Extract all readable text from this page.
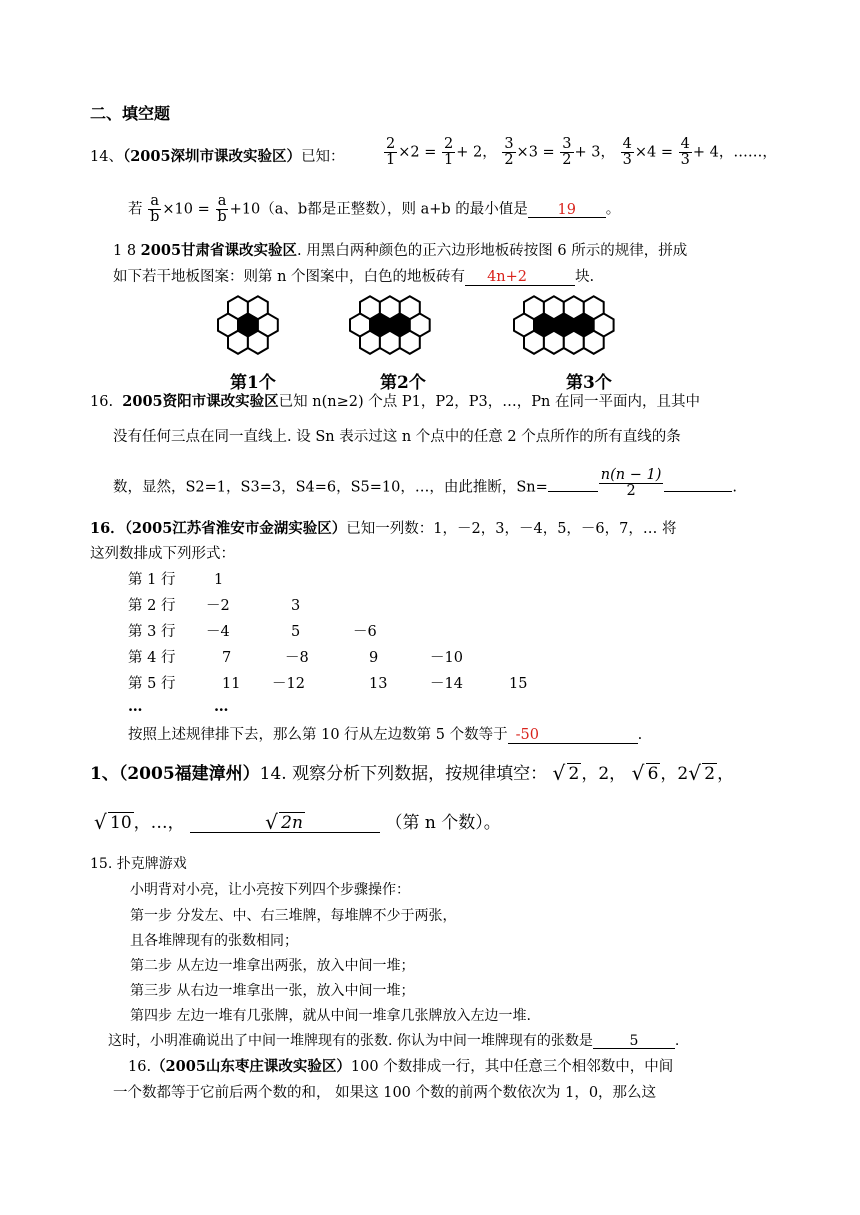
二、填空题
14、（2005深圳市课改实验区）已知：	$\frac{2}{1} \times 2 = \frac{2}{1} + 2$， $\frac{3}{2} \times 3 = \frac{3}{2} + 3$， $\frac{4}{3} \times 4 = \frac{4}{3} + 4$，……，
若 $\frac{a}{b} \times 10 = \frac{a}{b} +10(a$、b都是正整数），则 a+b 的最小值是 19 。
1 8 2005甘肃省课改实验区. 用黑白两种颜色的正六边形地板砖按图 6 所示的规律，拼成
如下若干地板图案：则第 n 个图案中，白色的地板砖有 4n+2	块.
第1个	第2个	第3个
16. 2005资阳市课改实验区已知 n(n≥2) 个点 P1，P2，P3，…，Pn 在同一平面内，且其中
没有任何三点在同一直线上. 设 Sn 表示过这 n 个点中的任意 2 个点所作的所有直线的条
数，显然，S2=1，S3=3，S4=6，S5=10，…，由此推断，Sn=	$\frac{n(n - 1)}{2}$	.
16．（2005江苏省淮安市金湖实验区）已知一列数：1，－2，3，－4，5，－6，7，… 将
这列数排成下列形式：
第 1 行	1
第 2 行 －2	3
第 3 行 －4	5	－6
第 4 行	7	－8	9	－10
第 5 行	11 －12	13	－14	15
…	…
按照上述规律排下去，那么第 10 行从左边数第 5 个数等于 -50	.
1、（2005福建漳州）14. 观察分析下列数据，按规律填空： √ 2 ，2， √ 6 ，2 √ 2 ，
√ 10 ，…，	√ 2n	（第 n 个数）。
15. 扑克牌游戏
小明背对小亮，让小亮按下列四个步骤操作：
第一步 分发左、中、右三堆牌，每堆牌不少于两张，
且各堆牌现有的张数相同；
第二步 从左边一堆拿出两张，放入中间一堆；
第三步 从右边一堆拿出一张，放入中间一堆；
第四步 左边一堆有几张牌，就从中间一堆拿几张牌放入左边一堆.
这时，小明准确说出了中间一堆牌现有的张数. 你认为中间一堆牌现有的张数是	5	.
16.（2005山东枣庄课改实验区）100 个数排成一行，其中任意三个相邻数中，中间
一个数都等于它前后两个数的和， 如果这 100 个数的前两个数依次为 1，0，那么这
